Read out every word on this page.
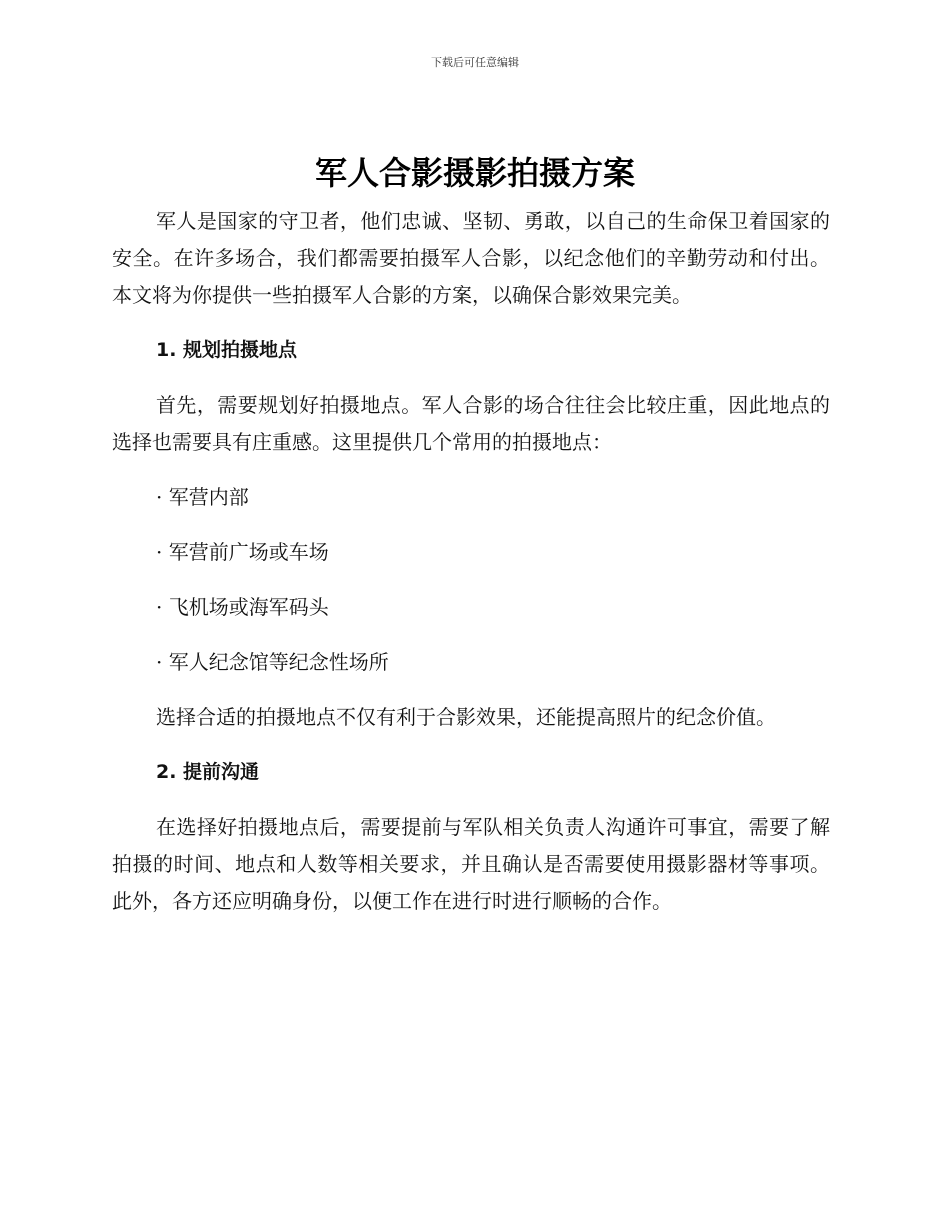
下载后可任意编辑
军人合影摄影拍摄方案

军人是国家的守卫者，他们忠诚、坚韧、勇敢，以自己的生命保卫着国家的安全。在许多场合，我们都需要拍摄军人合影，以纪念他们的辛勤劳动和付出。本文将为你提供一些拍摄军人合影的方案，以确保合影效果完美。

1. 规划拍摄地点

首先，需要规划好拍摄地点。军人合影的场合往往会比较庄重，因此地点的选择也需要具有庄重感。这里提供几个常用的拍摄地点：

· 军营内部
· 军营前广场或车场
· 飞机场或海军码头
· 军人纪念馆等纪念性场所

选择合适的拍摄地点不仅有利于合影效果，还能提高照片的纪念价值。

2. 提前沟通

在选择好拍摄地点后，需要提前与军队相关负责人沟通许可事宜，需要了解拍摄的时间、地点和人数等相关要求，并且确认是否需要使用摄影器材等事项。此外，各方还应明确身份，以便工作在进行时进行顺畅的合作。
